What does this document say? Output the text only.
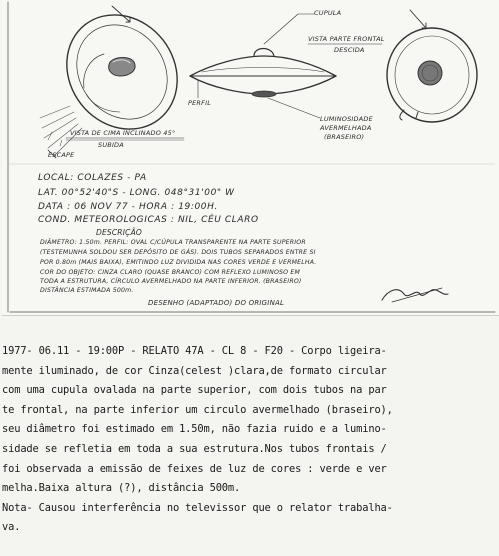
CUPULA
VISTA PARTE FRONTAL
DESCIDA
PERFIL
LUMINOSIDADE
AVERMELHADA
(BRASEIRO)
VISTA DE CIMA INCLINADO 45°
SUBIDA
ESCAPE
LOCAL: COLAZES - PA
LAT. 00°52'40"S - LONG. 048°31'00" W
DATA : 06 NOV 77 - HORA : 19:00H.
COND. METEOROLOGICAS : NIL, CÉU CLARO
DESCRIÇÃO
DIÂMETRO: 1.50m. PERFIL: OVAL C/CÚPULA TRANSPARENTE NA PARTE SUPERIOR
(TESTEMUNHA SOLDOU SER DEPÓSITO DE GÁS). DOIS TUBOS SEPARADOS ENTRE SI
POR 0.80m (MAIS BAIXA), EMITINDO LUZ DIVIDIDA NAS CORES VERDE E VERMELHA.
COR DO OBJETO: CINZA CLARO (QUASE BRANCO) COM REFLEXO LUMINOSO EM
TODA A ESTRUTURA, CÍRCULO AVERMELHADO NA PARTE INFERIOR. (BRASEIRO)
DISTÂNCIA ESTIMADA 500m.
DESENHO (ADAPTADO) DO ORIGINAL
1977- 06.11 - 19:00P - RELATO 47A - CL 8 - F20 - Corpo ligeira-
mente iluminado, de cor Cinza(celest )clara,de formato circular
com uma cupula ovalada na parte superior, com dois tubos na par
te frontal, na parte inferior um circulo avermelhado (braseiro),
seu diâmetro foi estimado em 1.50m, não fazia ruido e a lumino-
sidade se refletia em toda a sua estrutura.Nos tubos frontais /
foi observada a emissão de feixes de luz de cores : verde e ver
melha.Baixa altura (?), distância 500m.
Nota- Causou interferência no televissor que o relator trabalha-
va.
